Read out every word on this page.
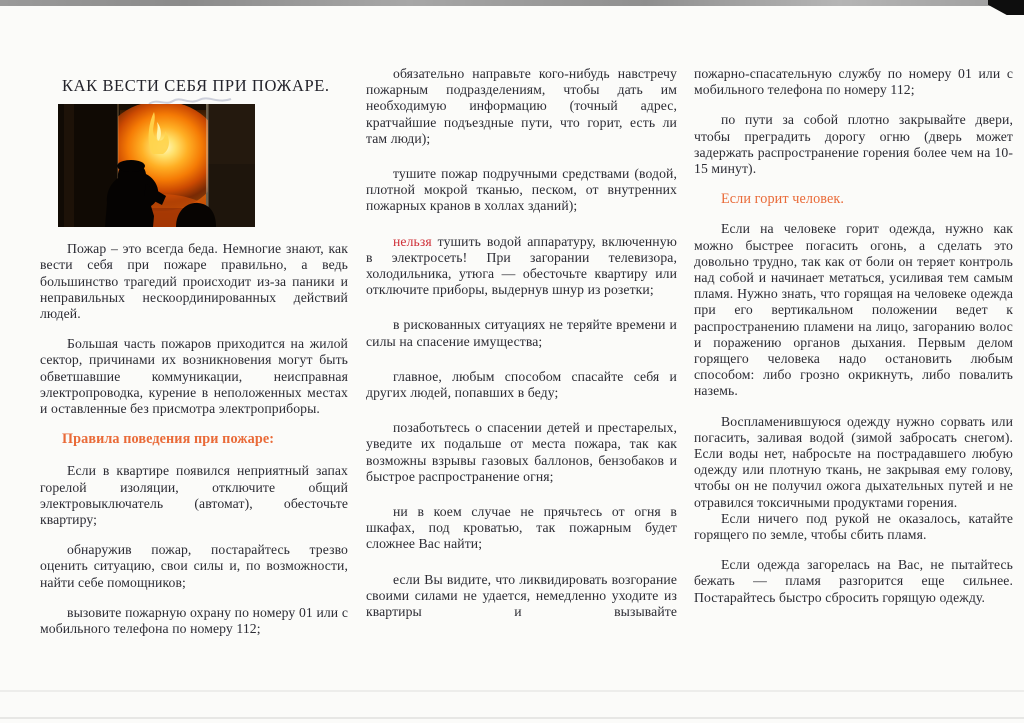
КАК ВЕСТИ СЕБЯ ПРИ ПОЖАРЕ.

Пожар – это всегда беда. Немногие знают, как вести себя при пожаре правильно, а ведь большинство трагедий происходит из-за паники и неправильных нескоординированных действий людей.

Большая часть пожаров приходится на жилой сектор, причинами их возникновения могут быть обветшавшие коммуникации, неисправная электропроводка, курение в неположенных местах и оставленные без присмотра электроприборы.

Правила поведения при пожаре:

Если в квартире появился неприятный запах горелой изоляции, отключите общий электровыключатель (автомат), обесточьте квартиру;

обнаружив пожар, постарайтесь трезво оценить ситуацию, свои силы и, по возможности, найти себе помощников;

вызовите пожарную охрану по номеру 01 или с мобильного телефона по номеру 112;

обязательно направьте кого-нибудь навстречу пожарным подразделениям, чтобы дать им необходимую информацию (точный адрес, кратчайшие подъездные пути, что горит, есть ли там люди);

тушите пожар подручными средствами (водой, плотной мокрой тканью, песком, от внутренних пожарных кранов в холлах зданий);

нельзя тушить водой аппаратуру, включенную в электросеть! При загорании телевизора, холодильника, утюга — обесточьте квартиру или отключите приборы, выдернув шнур из розетки;

в рискованных ситуациях не теряйте времени и силы на спасение имущества;

главное, любым способом спасайте себя и других людей, попавших в беду;

позаботьтесь о спасении детей и престарелых, уведите их подальше от места пожара, так как возможны взрывы газовых баллонов, бензобаков и быстрое распространение огня;

ни в коем случае не прячьтесь от огня в шкафах, под кроватью, так пожарным будет сложнее Вас найти;

если Вы видите, что ликвидировать возгорание своими силами не удается, немедленно уходите из квартиры и вызывайте

пожарно-спасательную службу по номеру 01 или с мобильного телефона по номеру 112;

по пути за собой плотно закрывайте двери, чтобы преградить дорогу огню (дверь может задержать распространение горения более чем на 10-15 минут).

Если горит человек.

Если на человеке горит одежда, нужно как можно быстрее погасить огонь, а сделать это довольно трудно, так как от боли он теряет контроль над собой и начинает метаться, усиливая тем самым пламя. Нужно знать, что горящая на человеке одежда при его вертикальном положении ведет к распространению пламени на лицо, загоранию волос и поражению органов дыхания. Первым делом горящего человека надо остановить любым способом: либо грозно окрикнуть, либо повалить наземь.

Воспламенившуюся одежду нужно сорвать или погасить, заливая водой (зимой забросать снегом). Если воды нет, набросьте на пострадавшего любую одежду или плотную ткань, не закрывая ему голову, чтобы он не получил ожога дыхательных путей и не отравился токсичными продуктами горения.

Если ничего под рукой не оказалось, катайте горящего по земле, чтобы сбить пламя.

Если одежда загорелась на Вас, не пытайтесь бежать — пламя разгорится еще сильнее. Постарайтесь быстро сбросить горящую одежду.
